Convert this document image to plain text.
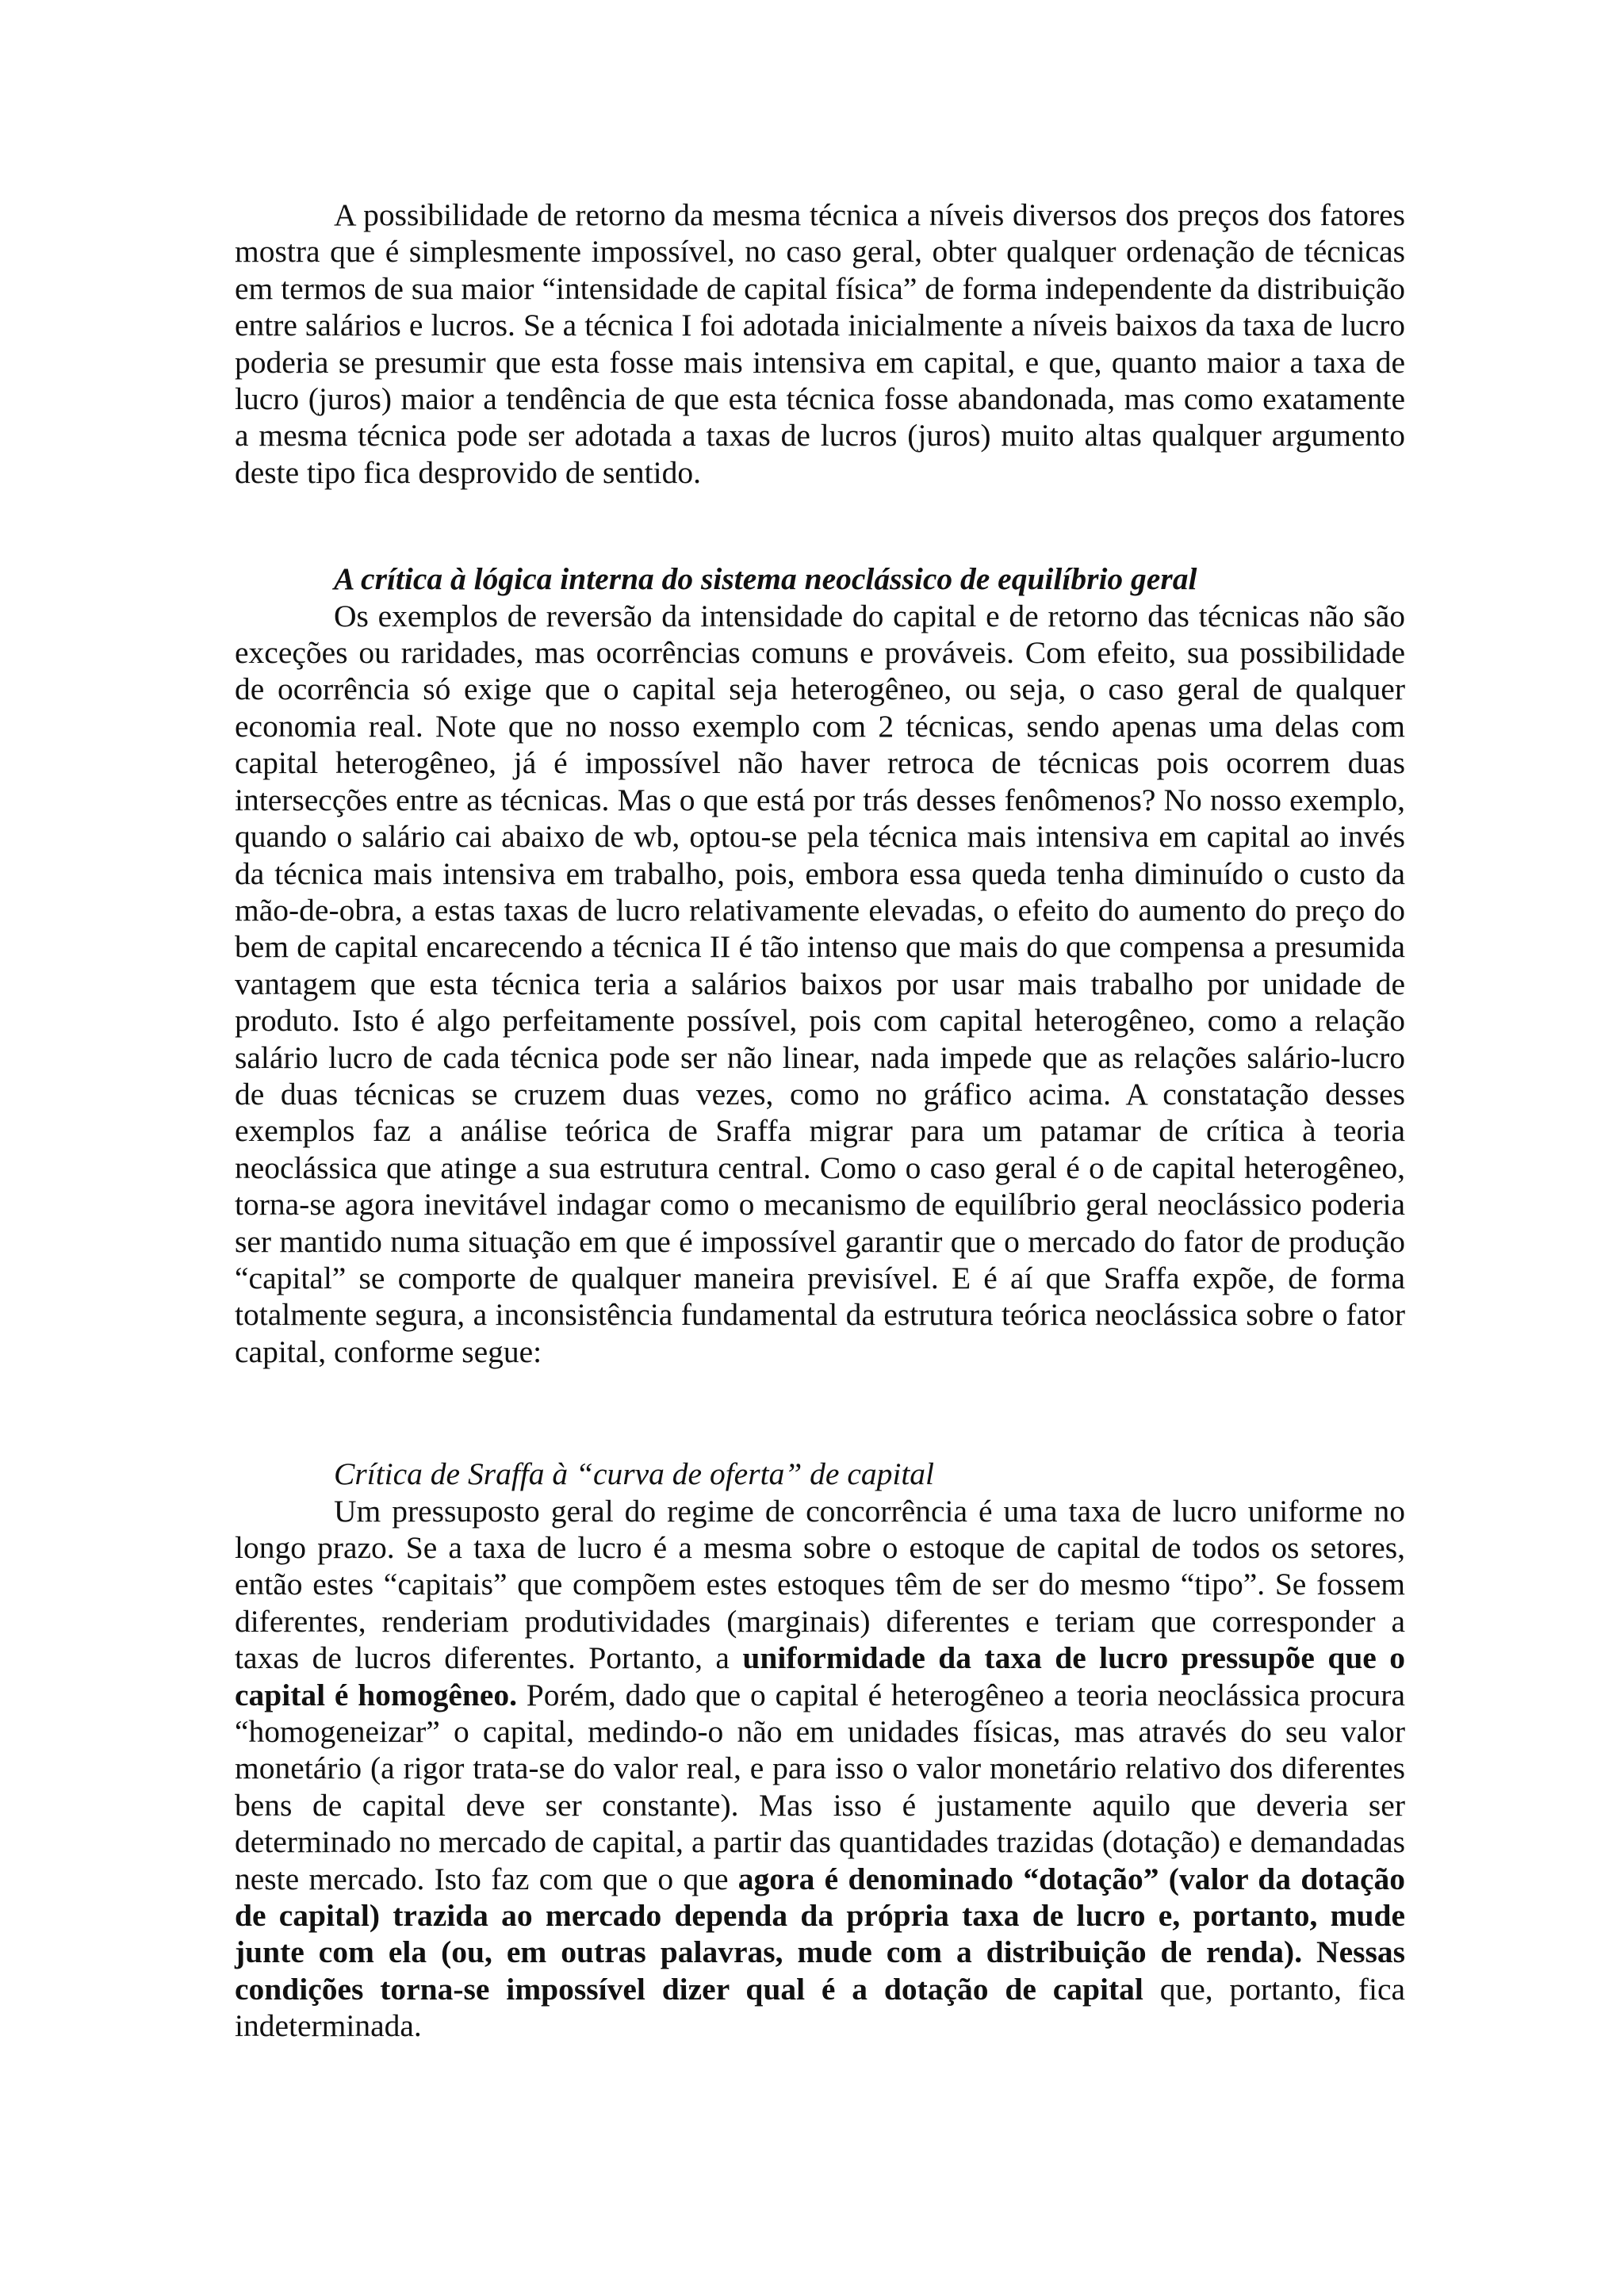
A possibilidade de retorno da mesma técnica a níveis diversos dos preços dos fatores mostra que é simplesmente impossível, no caso geral, obter qualquer ordenação de técnicas em termos de sua maior “intensidade de capital física” de forma independente da distribuição entre salários e lucros. Se a técnica I foi adotada inicialmente a níveis baixos da taxa de lucro poderia se presumir que esta fosse mais intensiva em capital, e que, quanto maior a taxa de lucro (juros) maior a tendência de que esta técnica fosse abandonada, mas como exatamente a mesma técnica pode ser adotada a taxas de lucros (juros) muito altas qualquer argumento deste tipo fica desprovido de sentido.

A crítica à lógica interna do sistema neoclássico de equilíbrio geral

Os exemplos de reversão da intensidade do capital e de retorno das técnicas não são exceções ou raridades, mas ocorrências comuns e prováveis. Com efeito, sua possibilidade de ocorrência só exige que o capital seja heterogêneo, ou seja, o caso geral de qualquer economia real. Note que no nosso exemplo com 2 técnicas, sendo apenas uma delas com capital heterogêneo, já é impossível não haver retroca de técnicas pois ocorrem duas intersecções entre as técnicas. Mas o que está por trás desses fenômenos? No nosso exemplo, quando o salário cai abaixo de wb, optou-se pela técnica mais intensiva em capital ao invés da técnica mais intensiva em trabalho, pois, embora essa queda tenha diminuído o custo da mão-de-obra, a estas taxas de lucro relativamente elevadas, o efeito do aumento do preço do bem de capital encarecendo a técnica II é tão intenso que mais do que compensa a presumida vantagem que esta técnica teria a salários baixos por usar mais trabalho por unidade de produto. Isto é algo perfeitamente possível, pois com capital heterogêneo, como a relação salário lucro de cada técnica pode ser não linear, nada impede que as relações salário-lucro de duas técnicas se cruzem duas vezes, como no gráfico acima. A constatação desses exemplos faz a análise teórica de Sraffa migrar para um patamar de crítica à teoria neoclássica que atinge a sua estrutura central. Como o caso geral é o de capital heterogêneo, torna-se agora inevitável indagar como o mecanismo de equilíbrio geral neoclássico poderia ser mantido numa situação em que é impossível garantir que o mercado do fator de produção “capital” se comporte de qualquer maneira previsível. E é aí que Sraffa expõe, de forma totalmente segura, a inconsistência fundamental da estrutura teórica neoclássica sobre o fator capital, conforme segue:

Crítica de Sraffa à “curva de oferta” de capital

Um pressuposto geral do regime de concorrência é uma taxa de lucro uniforme no longo prazo. Se a taxa de lucro é a mesma sobre o estoque de capital de todos os setores, então estes “capitais” que compõem estes estoques têm de ser do mesmo “tipo”. Se fossem diferentes, renderiam produtividades (marginais) diferentes e teriam que corresponder a taxas de lucros diferentes. Portanto, a uniformidade da taxa de lucro pressupõe que o capital é homogêneo. Porém, dado que o capital é heterogêneo a teoria neoclássica procura “homogeneizar” o capital, medindo-o não em unidades físicas, mas através do seu valor monetário (a rigor trata-se do valor real, e para isso o valor monetário relativo dos diferentes bens de capital deve ser constante). Mas isso é justamente aquilo que deveria ser determinado no mercado de capital, a partir das quantidades trazidas (dotação) e demandadas neste mercado. Isto faz com que o que agora é denominado “dotação” (valor da dotação de capital) trazida ao mercado dependa da própria taxa de lucro e, portanto, mude junte com ela (ou, em outras palavras, mude com a distribuição de renda). Nessas condições torna-se impossível dizer qual é a dotação de capital que, portanto, fica indeterminada.
